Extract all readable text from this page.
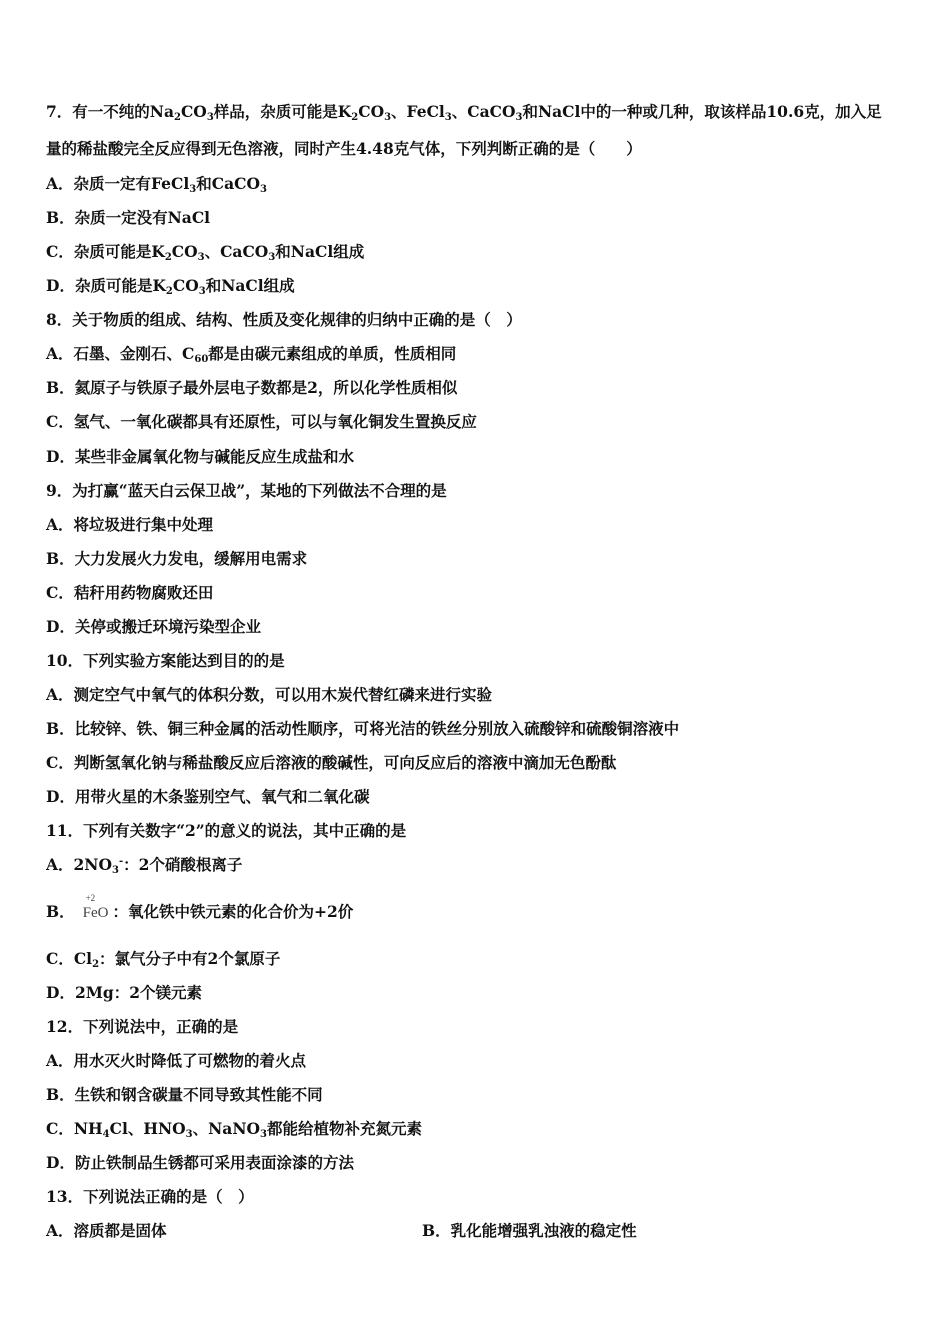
7．有一不纯的$Na_2CO_3$样品，杂质可能是$K_2CO_3$、FeCl$_3$、CaCO$_3$和NaCl中的一种或几种，取该样品10.6克，加入足
量的稀盐酸完全反应得到无色溶液，同时产生4.48克气体，下列判断正确的是（　　）
A．杂质一定有FeCl$_3$和CaCO$_3$
B．杂质一定没有NaCl
C．杂质可能是$K_2CO_3$、CaCO$_3$和NaCl组成
D．杂质可能是$K_2CO_3$和NaCl组成
8．关于物质的组成、结构、性质及变化规律的归纳中正确的是（　）
A．石墨、金刚石、$C_{60}$都是由碳元素组成的单质，性质相同
B．氦原子与铁原子最外层电子数都是2，所以化学性质相似
C．氢气、一氧化碳都具有还原性，可以与氧化铜发生置换反应
D．某些非金属氧化物与碱能反应生成盐和水
9．为打赢“蓝天白云保卫战”，某地的下列做法不合理的是
A．将垃圾进行集中处理
B．大力发展火力发电，缓解用电需求
C．秸秆用药物腐败还田
D．关停或搬迁环境污染型企业
10．下列实验方案能达到目的的是
A．测定空气中氧气的体积分数，可以用木炭代替红磷来进行实验
B．比较锌、铁、铜三种金属的活动性顺序，可将光洁的铁丝分别放入硫酸锌和硫酸铜溶液中
C．判断氢氧化钠与稀盐酸反应后溶液的酸碱性，可向反应后的溶液中滴加无色酚酞
D．用带火星的木条鉴别空气、氧气和二氧化碳
11．下列有关数字“2”的意义的说法，其中正确的是
A．$2NO_3^-$：2个硝酸根离子
B．
+2
FeO ：氧化铁中铁元素的化合价为+2价
C．$Cl_2$：氯气分子中有2个氯原子
D．2Mg：2个镁元素
12．下列说法中，正确的是
A．用水灭火时降低了可燃物的着火点
B．生铁和钢含碳量不同导致其性能不同
C．$NH_4Cl$、$HNO_3$、NaNO$_3$都能给植物补充氮元素
D．防止铁制品生锈都可采用表面涂漆的方法
13．下列说法正确的是（　）
A．溶质都是固体	B．乳化能增强乳浊液的稳定性
